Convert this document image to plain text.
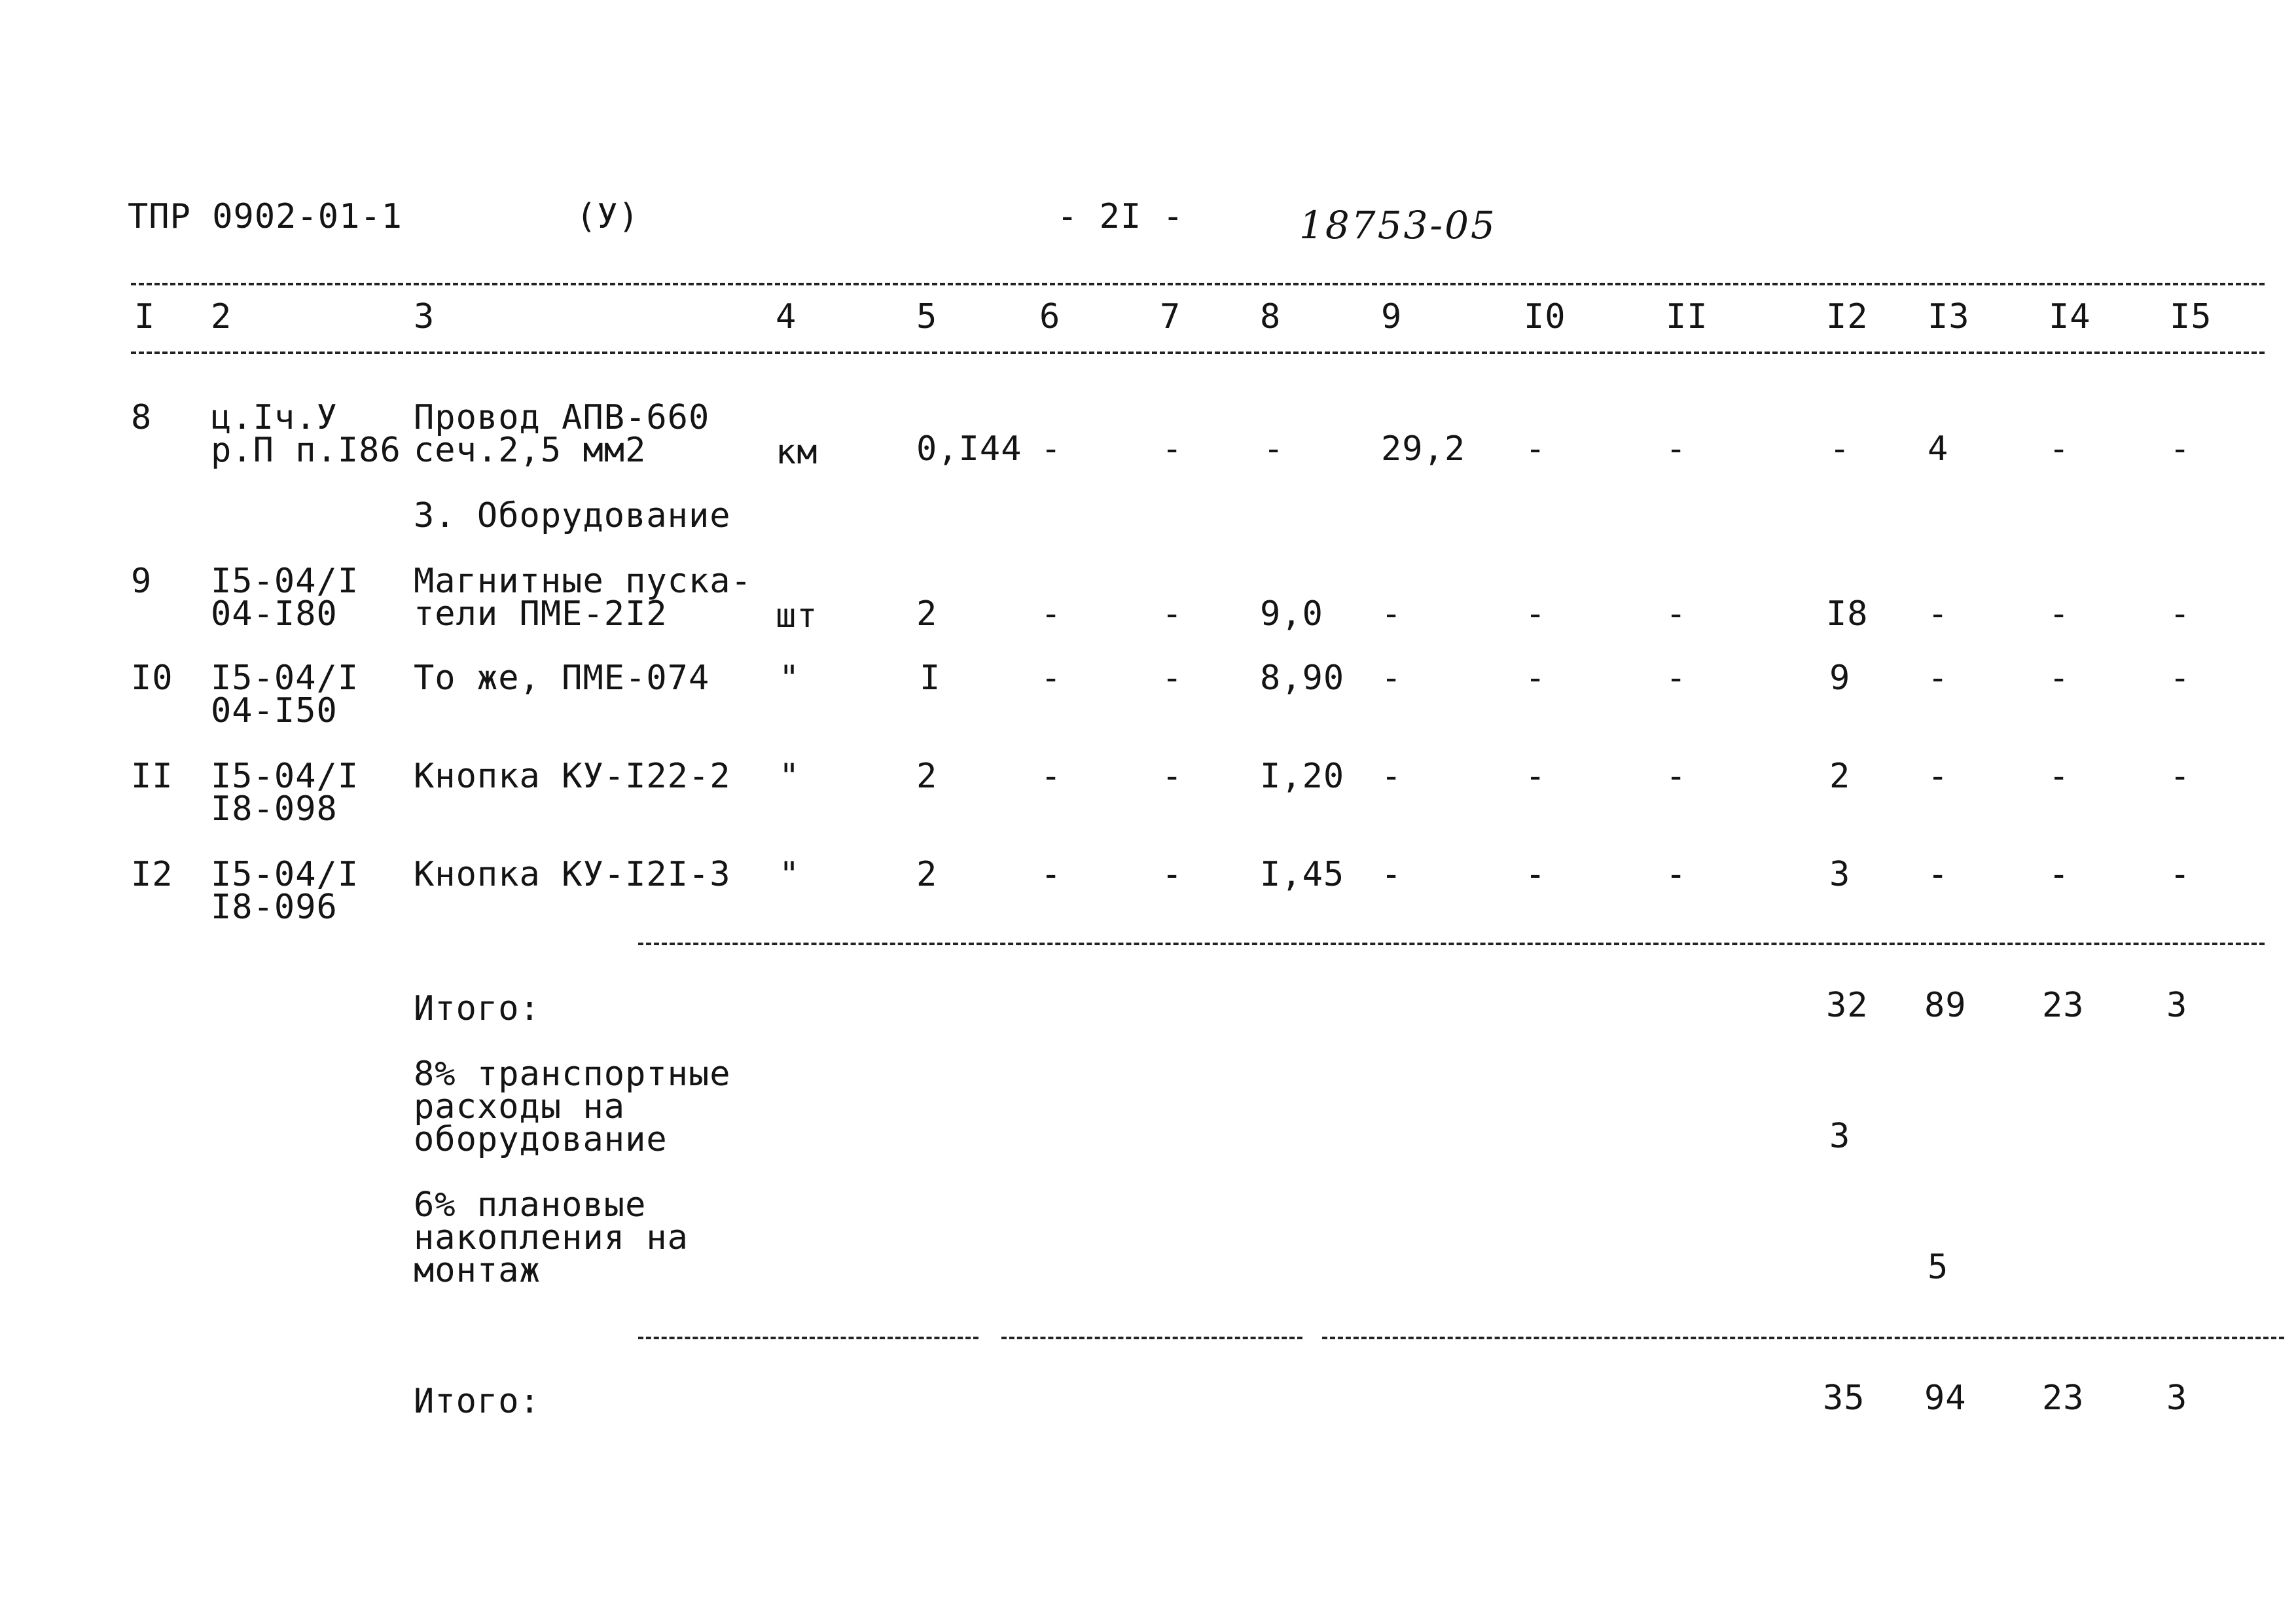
ТПР 0902-01-1	(У)	- 2I -	18753-05
I 2	3	4	5	6	7 8	9	I0	II	I2 I3 I4 I5
8 ц.Iч.У
р.П п.I86
Провод АПВ-660
сеч.2,5 мм2	км	0,I44 -	- -	29,2 -	-	- 4	-	-
3. Оборудование
9 I5-04/I
04-I80
Магнитные пуска-
тели ПМЕ-2I2	шт	2	-	- 9,0 -	-	-	I8 -	-	-
I0 I5-04/I
04-I50
То же, ПМЕ-074 "	I	-	- 8,90 -	-	-	9 -	-	-
II I5-04/I
I8-098
Кнопка КУ-I22-2 "	2	-	- I,20 -	-	-	2 -	-	-
I2 I5-04/I
I8-096
Кнопка КУ-I2I-3 "	2	-	- I,45 -	-	-	3 -	-	-
Итого:	32 89 23 3
8% транспортные
расходы на
оборудование	3
6% плановые
накопления на
монтаж	5
Итого:	35 94 23 3
